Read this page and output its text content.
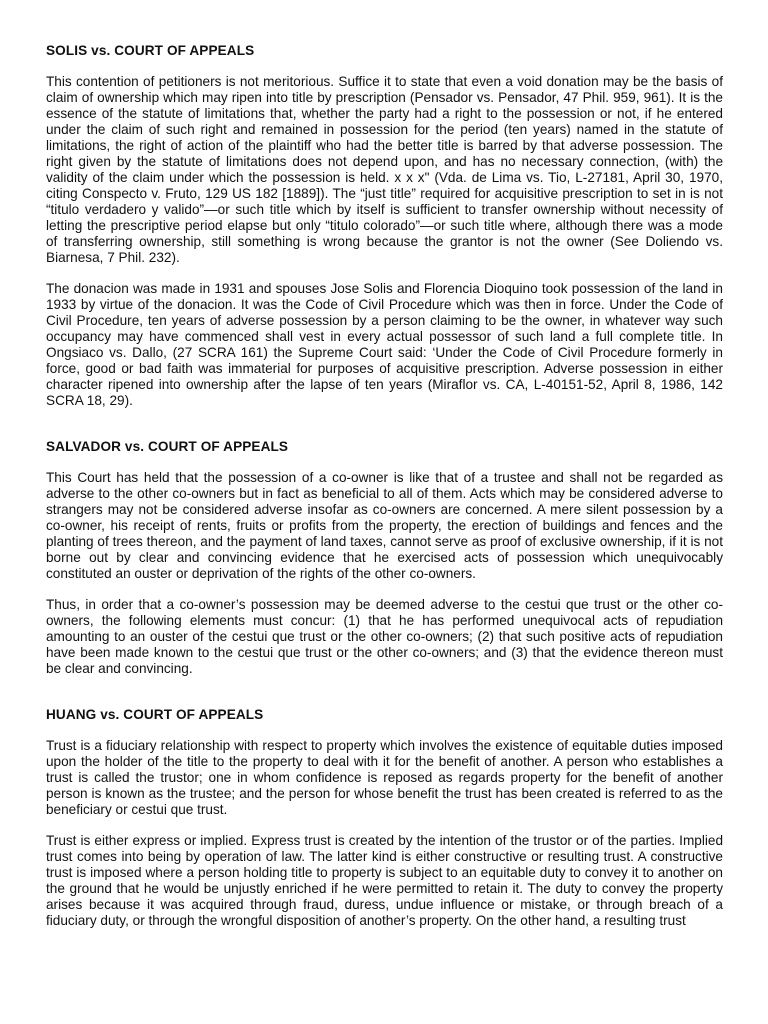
SOLIS vs. COURT OF APPEALS

This contention of petitioners is not meritorious. Suffice it to state that even a void donation may be the basis of claim of ownership which may ripen into title by prescription (Pensador vs. Pensador, 47 Phil. 959, 961). It is the essence of the statute of limitations that, whether the party had a right to the possession or not, if he entered under the claim of such right and remained in possession for the period (ten years) named in the statute of limitations, the right of action of the plaintiff who had the better title is barred by that adverse possession. The right given by the statute of limitations does not depend upon, and has no necessary connection, (with) the validity of the claim under which the possession is held. x x x" (Vda. de Lima vs. Tio, L-27181, April 30, 1970, citing Conspecto v. Fruto, 129 US 182 [1889]). The “just title” required for acquisitive prescription to set in is not “titulo verdadero y valido”—or such title which by itself is sufficient to transfer ownership without necessity of letting the prescriptive period elapse but only “titulo colorado”—or such title where, although there was a mode of transferring ownership, still something is wrong because the grantor is not the owner (See Doliendo vs. Biarnesa, 7 Phil. 232).

The donacion was made in 1931 and spouses Jose Solis and Florencia Dioquino took possession of the land in 1933 by virtue of the donacion. It was the Code of Civil Procedure which was then in force. Under the Code of Civil Procedure, ten years of adverse possession by a person claiming to be the owner, in whatever way such occupancy may have commenced shall vest in every actual possessor of such land a full complete title. In Ongsiaco vs. Dallo, (27 SCRA 161) the Supreme Court said: ‘Under the Code of Civil Procedure formerly in force, good or bad faith was immaterial for purposes of acquisitive prescription. Adverse possession in either character ripened into ownership after the lapse of ten years (Miraflor vs. CA, L-40151-52, April 8, 1986, 142 SCRA 18, 29).

SALVADOR vs. COURT OF APPEALS

This Court has held that the possession of a co-owner is like that of a trustee and shall not be regarded as adverse to the other co-owners but in fact as beneficial to all of them. Acts which may be considered adverse to strangers may not be considered adverse insofar as co-owners are concerned. A mere silent possession by a co-owner, his receipt of rents, fruits or profits from the property, the erection of buildings and fences and the planting of trees thereon, and the payment of land taxes, cannot serve as proof of exclusive ownership, if it is not borne out by clear and convincing evidence that he exercised acts of possession which unequivocably constituted an ouster or deprivation of the rights of the other co-owners.

Thus, in order that a co-owner’s possession may be deemed adverse to the cestui que trust or the other co-owners, the following elements must concur: (1) that he has performed unequivocal acts of repudiation amounting to an ouster of the cestui que trust or the other co-owners; (2) that such positive acts of repudiation have been made known to the cestui que trust or the other co-owners; and (3) that the evidence thereon must be clear and convincing.

HUANG vs. COURT OF APPEALS

Trust is a fiduciary relationship with respect to property which involves the existence of equitable duties imposed upon the holder of the title to the property to deal with it for the benefit of another. A person who establishes a trust is called the trustor; one in whom confidence is reposed as regards property for the benefit of another person is known as the trustee; and the person for whose benefit the trust has been created is referred to as the beneficiary or cestui que trust.

Trust is either express or implied. Express trust is created by the intention of the trustor or of the parties. Implied trust comes into being by operation of law. The latter kind is either constructive or resulting trust. A constructive trust is imposed where a person holding title to property is subject to an equitable duty to convey it to another on the ground that he would be unjustly enriched if he were permitted to retain it. The duty to convey the property arises because it was acquired through fraud, duress, undue influence or mistake, or through breach of a fiduciary duty, or through the wrongful disposition of another’s property. On the other hand, a resulting trust
